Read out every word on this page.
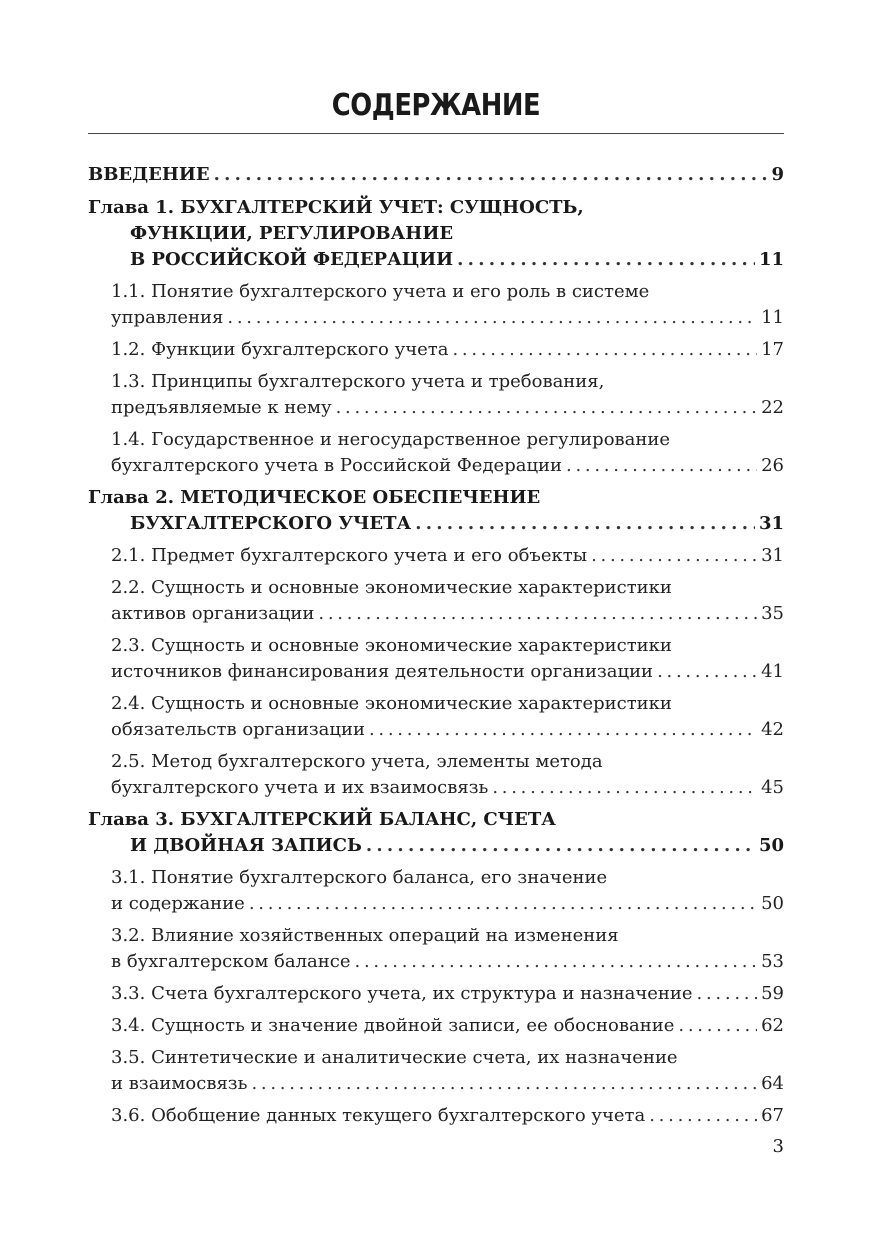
СОДЕРЖАНИЕ
ВВЕДЕНИЕ . . .	9
Глава 1. БУХГАЛТЕРСКИЙ УЧЕТ: СУЩНОСТЬ,
ФУНКЦИИ, РЕГУЛИРОВАНИЕ
В РОССИЙСКОЙ ФЕДЕРАЦИИ . . .	11
1.1. Понятие бухгалтерского учета и его роль в системе
управления . . .	11
1.2. Функции бухгалтерского учета . . .	17
1.3. Принципы бухгалтерского учета и требования,
предъявляемые к нему . . .	22
1.4. Государственное и негосударственное регулирование
бухгалтерского учета в Российской Федерации . . .	26
Глава 2. МЕТОДИЧЕСКОЕ ОБЕСПЕЧЕНИЕ
БУХГАЛТЕРСКОГО УЧЕТА . . .	31
2.1. Предмет бухгалтерского учета и его объекты . . .	31
2.2. Сущность и основные экономические характеристики
активов организации . . .	35
2.3. Сущность и основные экономические характеристики
источников финансирования деятельности организации . . .	41
2.4. Сущность и основные экономические характеристики
обязательств организации . . .	42
2.5. Метод бухгалтерского учета, элементы метода
бухгалтерского учета и их взаимосвязь . . .	45
Глава 3. БУХГАЛТЕРСКИЙ БАЛАНС, СЧЕТА
И ДВОЙНАЯ ЗАПИСЬ . . .	50
3.1. Понятие бухгалтерского баланса, его значение
и содержание . . .	50
3.2. Влияние хозяйственных операций на изменения
в бухгалтерском балансе . . .	53
3.3. Счета бухгалтерского учета, их структура и назначение . . .	59
3.4. Сущность и значение двойной записи, ее обоснование . . .	62
3.5. Синтетические и аналитические счета, их назначение
и взаимосвязь . . .	64
3.6. Обобщение данных текущего бухгалтерского учета . . .	67
3
